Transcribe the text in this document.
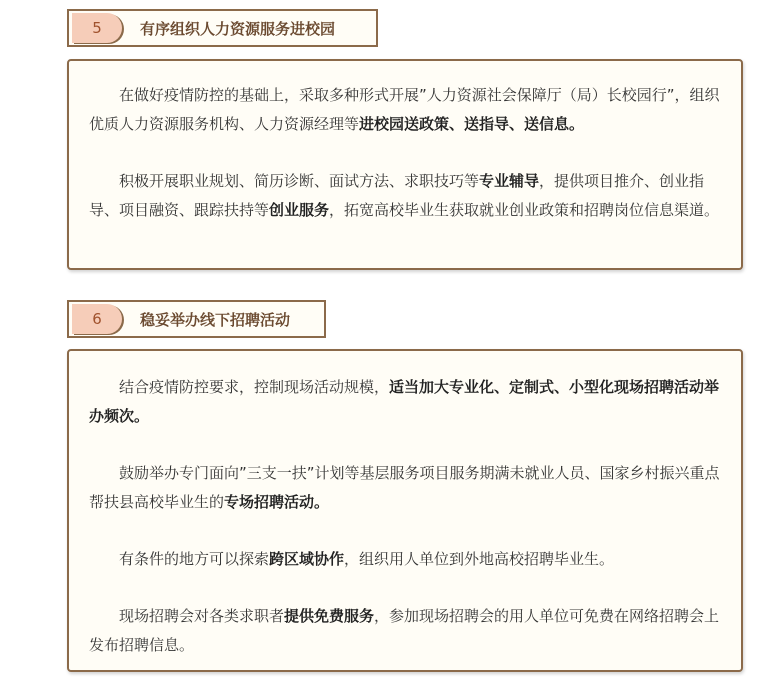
5	有序组织人力资源服务进校园

在做好疫情防控的基础上，采取多种形式开展”人力资源社会保障厅（局）长校园行”，组织优质人力资源服务机构、人力资源经理等进校园送政策、送指导、送信息。

积极开展职业规划、简历诊断、面试方法、求职技巧等专业辅导，提供项目推介、创业指导、项目融资、跟踪扶持等创业服务，拓宽高校毕业生获取就业创业政策和招聘岗位信息渠道。

6	稳妥举办线下招聘活动

结合疫情防控要求，控制现场活动规模，适当加大专业化、定制式、小型化现场招聘活动举办频次。

鼓励举办专门面向”三支一扶”计划等基层服务项目服务期满未就业人员、国家乡村振兴重点帮扶县高校毕业生的专场招聘活动。

有条件的地方可以探索跨区域协作，组织用人单位到外地高校招聘毕业生。

现场招聘会对各类求职者提供免费服务，参加现场招聘会的用人单位可免费在网络招聘会上发布招聘信息。
